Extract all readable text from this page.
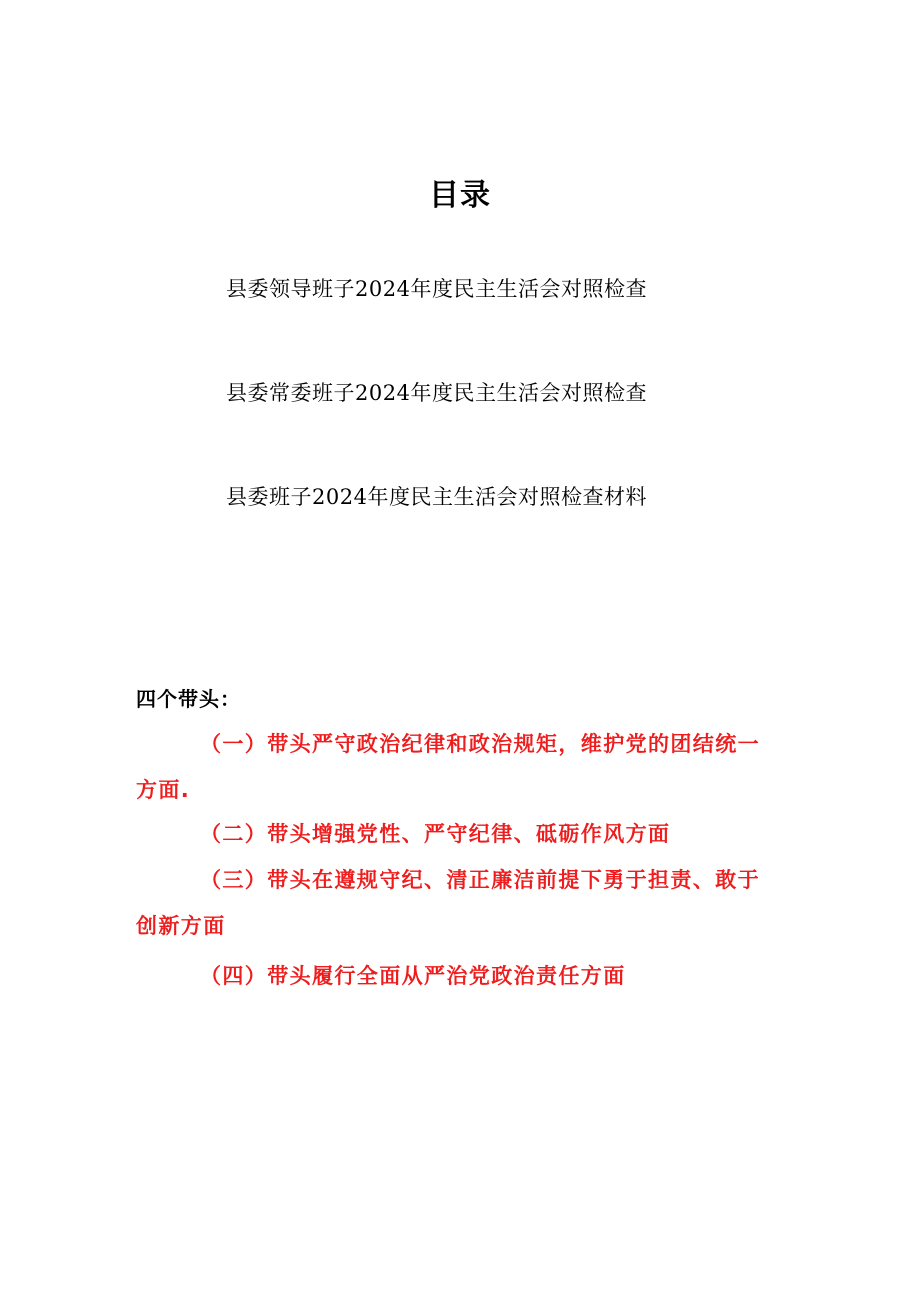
目录
县委领导班子2024年度民主生活会对照检查
县委常委班子2024年度民主生活会对照检查
县委班子2024年度民主生活会对照检查材料
四个带头：
（一）带头严守政治纪律和政治规矩，维护党的团结统一
方面.
（二）带头增强党性、严守纪律、砥砺作风方面
（三）带头在遵规守纪、清正廉洁前提下勇于担责、敢于
创新方面
（四）带头履行全面从严治党政治责任方面
